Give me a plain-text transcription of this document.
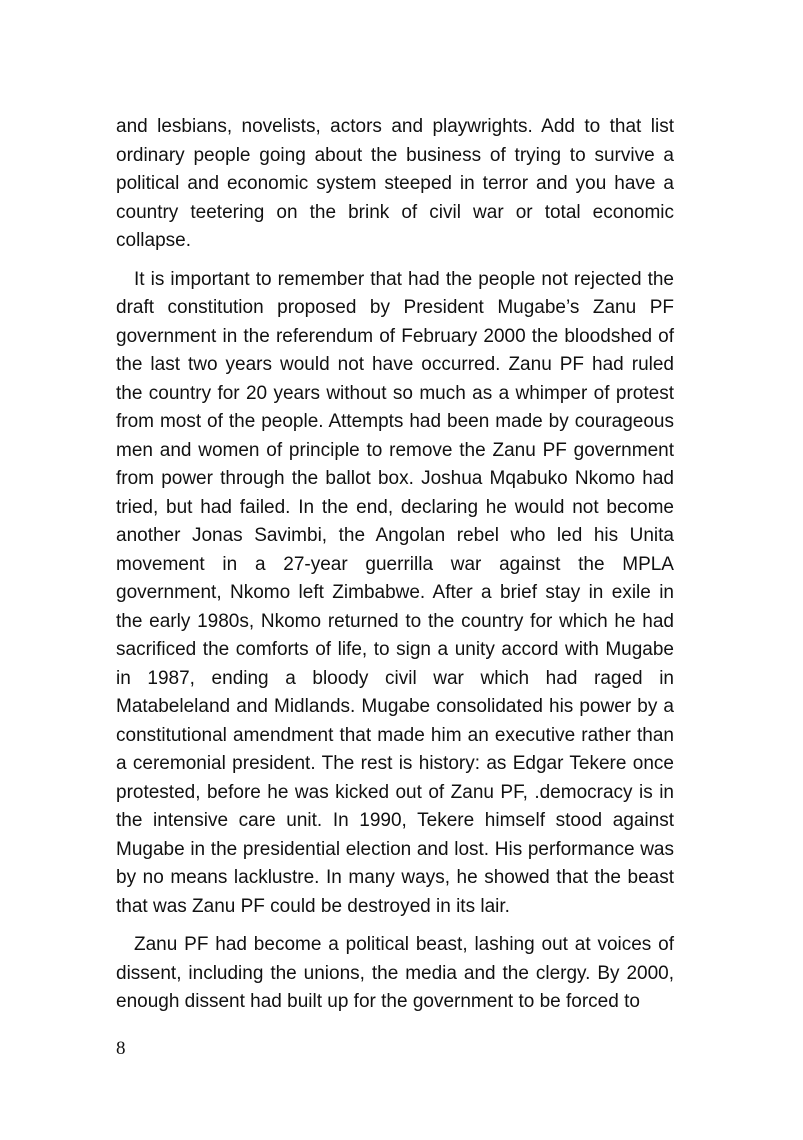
and lesbians, novelists, actors and playwrights. Add to that list ordinary people going about the business of trying to survive a political and economic system steeped in terror and you have a country teetering on the brink of civil war or total economic collapse.

It is important to remember that had the people not rejected the draft constitution proposed by President Mugabe’s Zanu PF government in the referendum of February 2000 the bloodshed of the last two years would not have occurred. Zanu PF had ruled the country for 20 years without so much as a whimper of protest from most of the people. Attempts had been made by courageous men and women of principle to remove the Zanu PF government from power through the ballot box. Joshua Mqabuko Nkomo had tried, but had failed. In the end, declaring he would not become another Jonas Savimbi, the Angolan rebel who led his Unita movement in a 27-year guerrilla war against the MPLA government, Nkomo left Zimbabwe. After a brief stay in exile in the early 1980s, Nkomo returned to the country for which he had sacrificed the comforts of life, to sign a unity accord with Mugabe in 1987, ending a bloody civil war which had raged in Matabeleland and Midlands. Mugabe consolidated his power by a constitutional amendment that made him an executive rather than a ceremonial president. The rest is history: as Edgar Tekere once protested, before he was kicked out of Zanu PF, .democracy is in the intensive care unit. In 1990, Tekere himself stood against Mugabe in the presidential election and lost. His performance was by no means lacklustre. In many ways, he showed that the beast that was Zanu PF could be destroyed in its lair.

Zanu PF had become a political beast, lashing out at voices of dissent, including the unions, the media and the clergy. By 2000, enough dissent had built up for the government to be forced to

8
